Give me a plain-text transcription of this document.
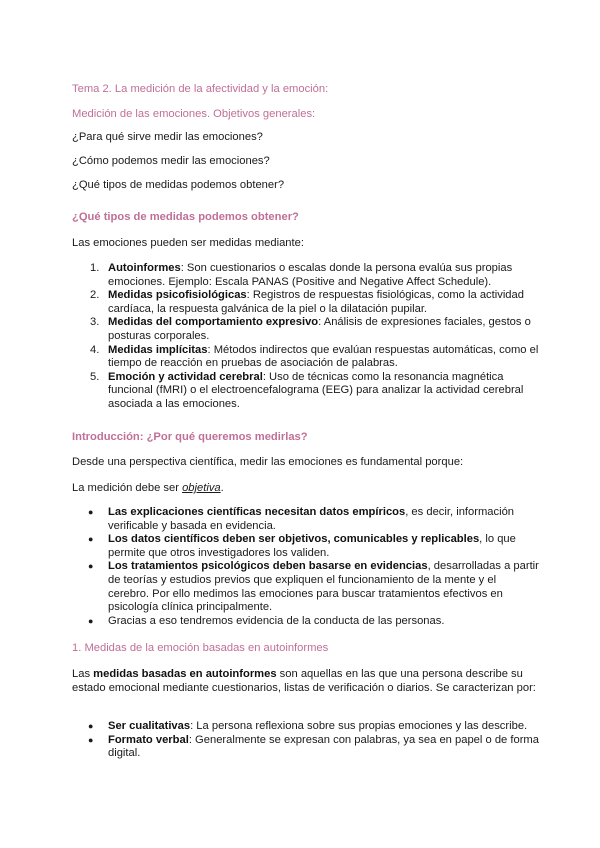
Tema 2. La medición de la afectividad y la emoción:

Medición de las emociones. Objetivos generales:

¿Para qué sirve medir las emociones?

¿Cómo podemos medir las emociones?

¿Qué tipos de medidas podemos obtener?

¿Qué tipos de medidas podemos obtener?

Las emociones pueden ser medidas mediante:

1. Autoinformes: Son cuestionarios o escalas donde la persona evalúa sus propias emociones. Ejemplo: Escala PANAS (Positive and Negative Affect Schedule).
2. Medidas psicofisiológicas: Registros de respuestas fisiológicas, como la actividad cardíaca, la respuesta galvánica de la piel o la dilatación pupilar.
3. Medidas del comportamiento expresivo: Análisis de expresiones faciales, gestos o posturas corporales.
4. Medidas implícitas: Métodos indirectos que evalúan respuestas automáticas, como el tiempo de reacción en pruebas de asociación de palabras.
5. Emoción y actividad cerebral: Uso de técnicas como la resonancia magnética funcional (fMRI) o el electroencefalograma (EEG) para analizar la actividad cerebral asociada a las emociones.

Introducción: ¿Por qué queremos medirlas?

Desde una perspectiva científica, medir las emociones es fundamental porque:

La medición debe ser objetiva.

● Las explicaciones científicas necesitan datos empíricos, es decir, información verificable y basada en evidencia.
● Los datos científicos deben ser objetivos, comunicables y replicables, lo que permite que otros investigadores los validen.
● Los tratamientos psicológicos deben basarse en evidencias, desarrolladas a partir de teorías y estudios previos que expliquen el funcionamiento de la mente y el cerebro. Por ello medimos las emociones para buscar tratamientos efectivos en psicología clínica principalmente.
● Gracias a eso tendremos evidencia de la conducta de las personas.

1. Medidas de la emoción basadas en autoinformes

Las medidas basadas en autoinformes son aquellas en las que una persona describe su estado emocional mediante cuestionarios, listas de verificación o diarios. Se caracterizan por:

● Ser cualitativas: La persona reflexiona sobre sus propias emociones y las describe.
● Formato verbal: Generalmente se expresan con palabras, ya sea en papel o de forma digital.
